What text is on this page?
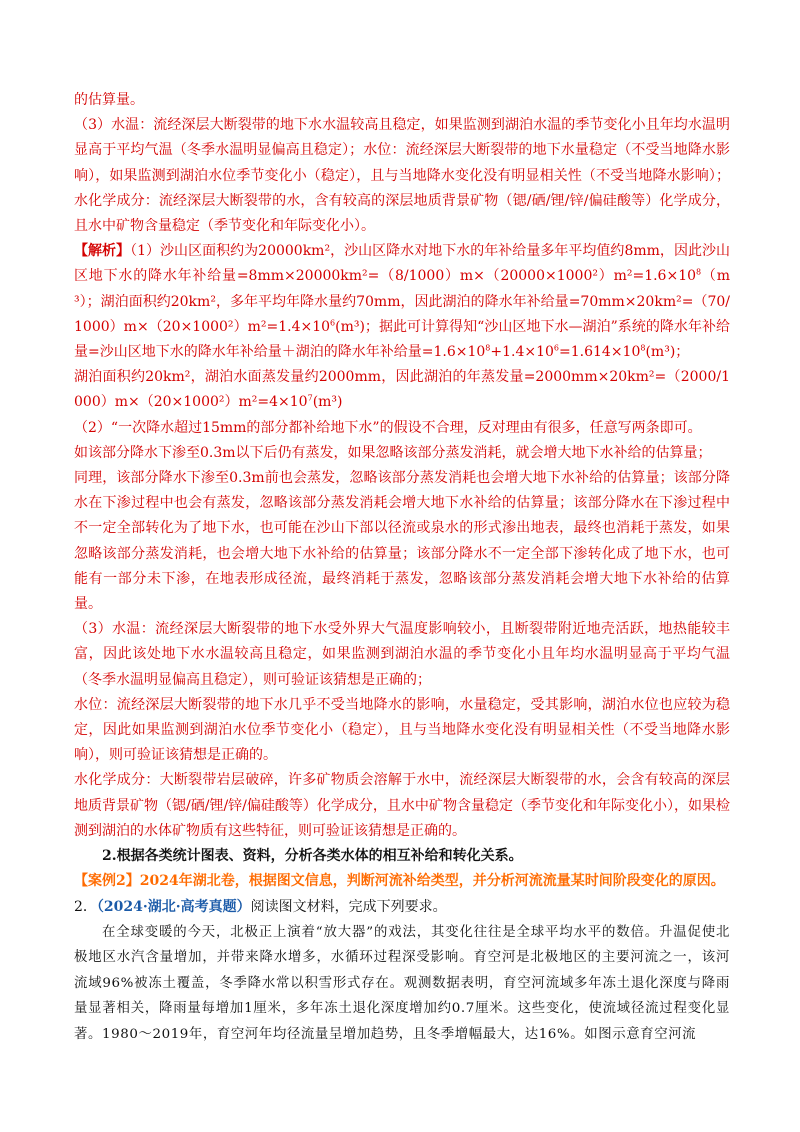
的估算量。

（3）水温：流经深层大断裂带的地下水水温较高且稳定，如果监测到湖泊水温的季节变化小且年均水温明显高于平均气温（冬季水温明显偏高且稳定）；水位：流经深层大断裂带的地下水量稳定（不受当地降水影响），如果监测到湖泊水位季节变化小（稳定），且与当地降水变化没有明显相关性（不受当地降水影响）；水化学成分：流经深层大断裂带的水，含有较高的深层地质背景矿物（锶/硒/锂/锌/偏硅酸等）化学成分，且水中矿物含量稳定（季节变化和年际变化小）。

【解析】（1）沙山区面积约为20000km²，沙山区降水对地下水的年补给量多年平均值约8mm，因此沙山区地下水的降水年补给量$=8mm\times 20000km^2=(8/1000)m\times(20000\times 1000^2)m^2=1.6\times 10^8(m^3)$；湖泊面积约20km²，多年平均年降水量约70mm，因此湖泊的降水年补给量$=70mm\times 20km^2=(70/1000)m\times(20\times 1000^2)m^2=1.4\times 10^6(m^3)$；据此可计算得知“沙山区地下水—湖泊”系统的降水年补给量=沙山区地下水的降水年补给量＋湖泊的降水年补给量$=1.6\times 10^8+1.4\times 10^6=1.614\times 10^8(m^3)$；

湖泊面积约20km²，湖泊水面蒸发量约2000mm，因此湖泊的年蒸发量$=2000mm\times 20km^2=(2000/1000)m\times(20\times 1000^2)m^2=4\times 10^7(m^3)$

（2）“一次降水超过15mm的部分都补给地下水”的假设不合理，反对理由有很多，任意写两条即可。

如该部分降水下渗至0.3m以下后仍有蒸发，如果忽略该部分蒸发消耗，就会增大地下水补给的估算量；

同理，该部分降水下渗至0.3m前也会蒸发，忽略该部分蒸发消耗也会增大地下水补给的估算量；该部分降水在下渗过程中也会有蒸发，忽略该部分蒸发消耗会增大地下水补给的估算量；该部分降水在下渗过程中不一定全部转化为了地下水，也可能在沙山下部以径流或泉水的形式渗出地表，最终也消耗于蒸发，如果忽略该部分蒸发消耗，也会增大地下水补给的估算量；该部分降水不一定全部下渗转化成了地下水，也可能有一部分未下渗，在地表形成径流，最终消耗于蒸发，忽略该部分蒸发消耗会增大地下水补给的估算量。

（3）水温：流经深层大断裂带的地下水受外界大气温度影响较小，且断裂带附近地壳活跃，地热能较丰富，因此该处地下水水温较高且稳定，如果监测到湖泊水温的季节变化小且年均水温明显高于平均气温（冬季水温明显偏高且稳定），则可验证该猜想是正确的；

水位：流经深层大断裂带的地下水几乎不受当地降水的影响，水量稳定，受其影响，湖泊水位也应较为稳定，因此如果监测到湖泊水位季节变化小（稳定），且与当地降水变化没有明显相关性（不受当地降水影响），则可验证该猜想是正确的。

水化学成分：大断裂带岩层破碎，许多矿物质会溶解于水中，流经深层大断裂带的水，会含有较高的深层地质背景矿物（锶/硒/锂/锌/偏硅酸等）化学成分，且水中矿物含量稳定（季节变化和年际变化小），如果检测到湖泊的水体矿物质有这些特征，则可验证该猜想是正确的。

2.根据各类统计图表、资料，分析各类水体的相互补给和转化关系。

【案例2】2024年湖北卷，根据图文信息，判断河流补给类型，并分析河流流量某时间阶段变化的原因。

2．（2024·湖北·高考真题）阅读图文材料，完成下列要求。

在全球变暖的今天，北极正上演着“放大器”的戏法，其变化往往是全球平均水平的数倍。升温促使北极地区水汽含量增加，并带来降水增多，水循环过程深受影响。育空河是北极地区的主要河流之一，该河流域96%被冻土覆盖，冬季降水常以积雪形式存在。观测数据表明，育空河流域多年冻土退化深度与降雨量显著相关，降雨量每增加1厘米，多年冻土退化深度增加约0.7厘米。这些变化，使流域径流过程变化显著。1980～2019年，育空河年均径流量呈增加趋势，且冬季增幅最大，达16%。如图示意育空河流
